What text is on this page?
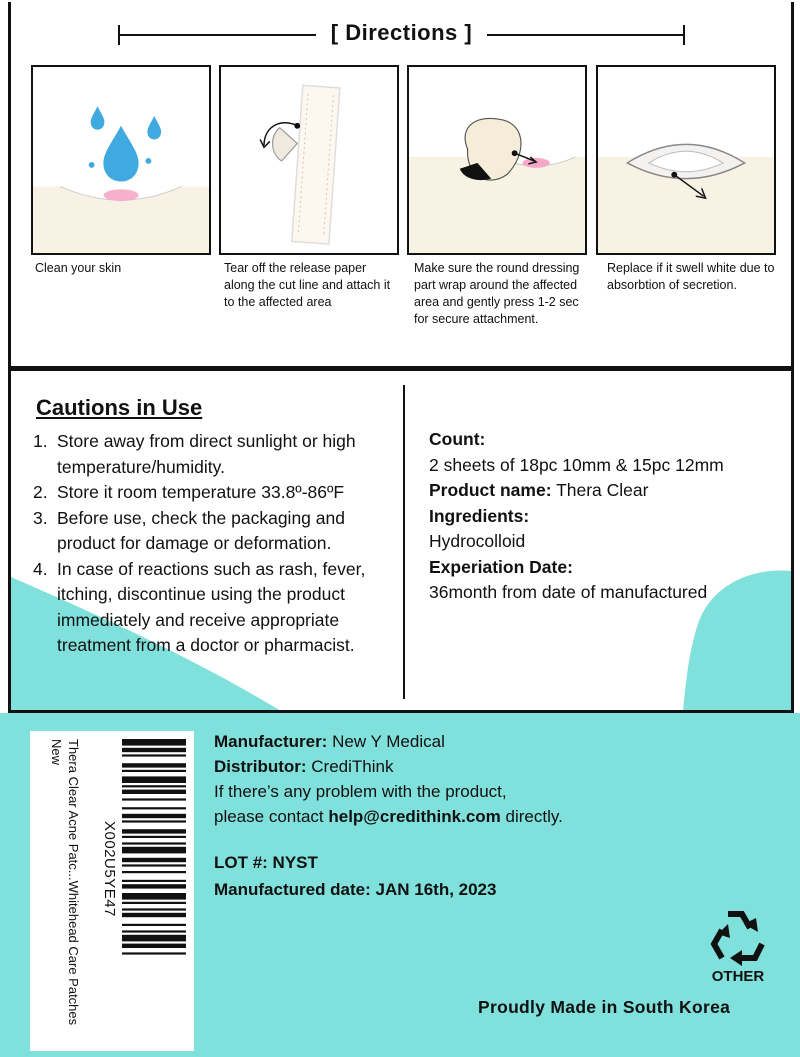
[ Directions ]
Clean your skin	Tear off the release paper along the cut line and attach it to the affected area
Make sure the round dressing part wrap around the affected area and gently press 1-2 sec for secure attachment.
Replace if it swell white due to absorbtion of secretion.
Cautions in Use
1. Store away from direct sunlight or high temperature/humidity.
2. Store it room temperature 33.8º-86ºF
3. Before use, check the packaging and product for damage or deformation.
4. In case of reactions such as rash, fever, itching, discontinue using the product immediately and receive appropriate treatment from a doctor or pharmacist.
Count:
2 sheets of 18pc 10mm & 15pc 12mm
Product name: Thera Clear
Ingredients:
Hydrocolloid
Experiation Date:
36month from date of manufactured
X002U5YE47
Thera Clear Acne Patc...Whitehead Care Patches New	Manufacturer: New Y Medical
Distributor: CrediThink
If there’s any problem with the product,
please contact help@credithink.com directly.
LOT #: NYST
Manufactured date: JAN 16th, 2023
OTHER
Proudly Made in South Korea
